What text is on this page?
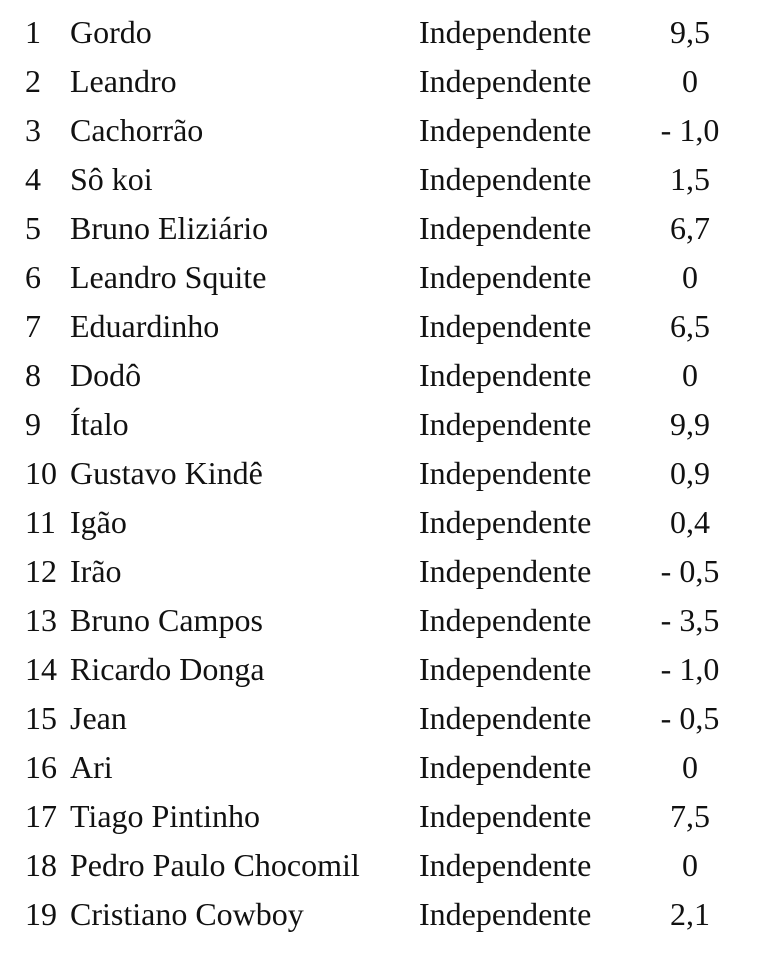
1 Gordo	Independente	9,5
2 Leandro	Independente	0
3 Cachorrão	Independente	- 1,0
4 Sô koi	Independente	1,5
5 Bruno Eliziário	Independente	6,7
6 Leandro Squite	Independente	0
7 Eduardinho	Independente	6,5
8 Dodô	Independente	0
9 Ítalo	Independente	9,9
10 Gustavo Kindê	Independente	0,9
11 Igão	Independente	0,4
12 Irão	Independente	- 0,5
13 Bruno Campos	Independente	- 3,5
14 Ricardo Donga	Independente	- 1,0
15 Jean	Independente	- 0,5
16 Ari	Independente	0
17 Tiago Pintinho	Independente	7,5
18 Pedro Paulo Chocomil Independente	0
19 Cristiano Cowboy	Independente	2,1
